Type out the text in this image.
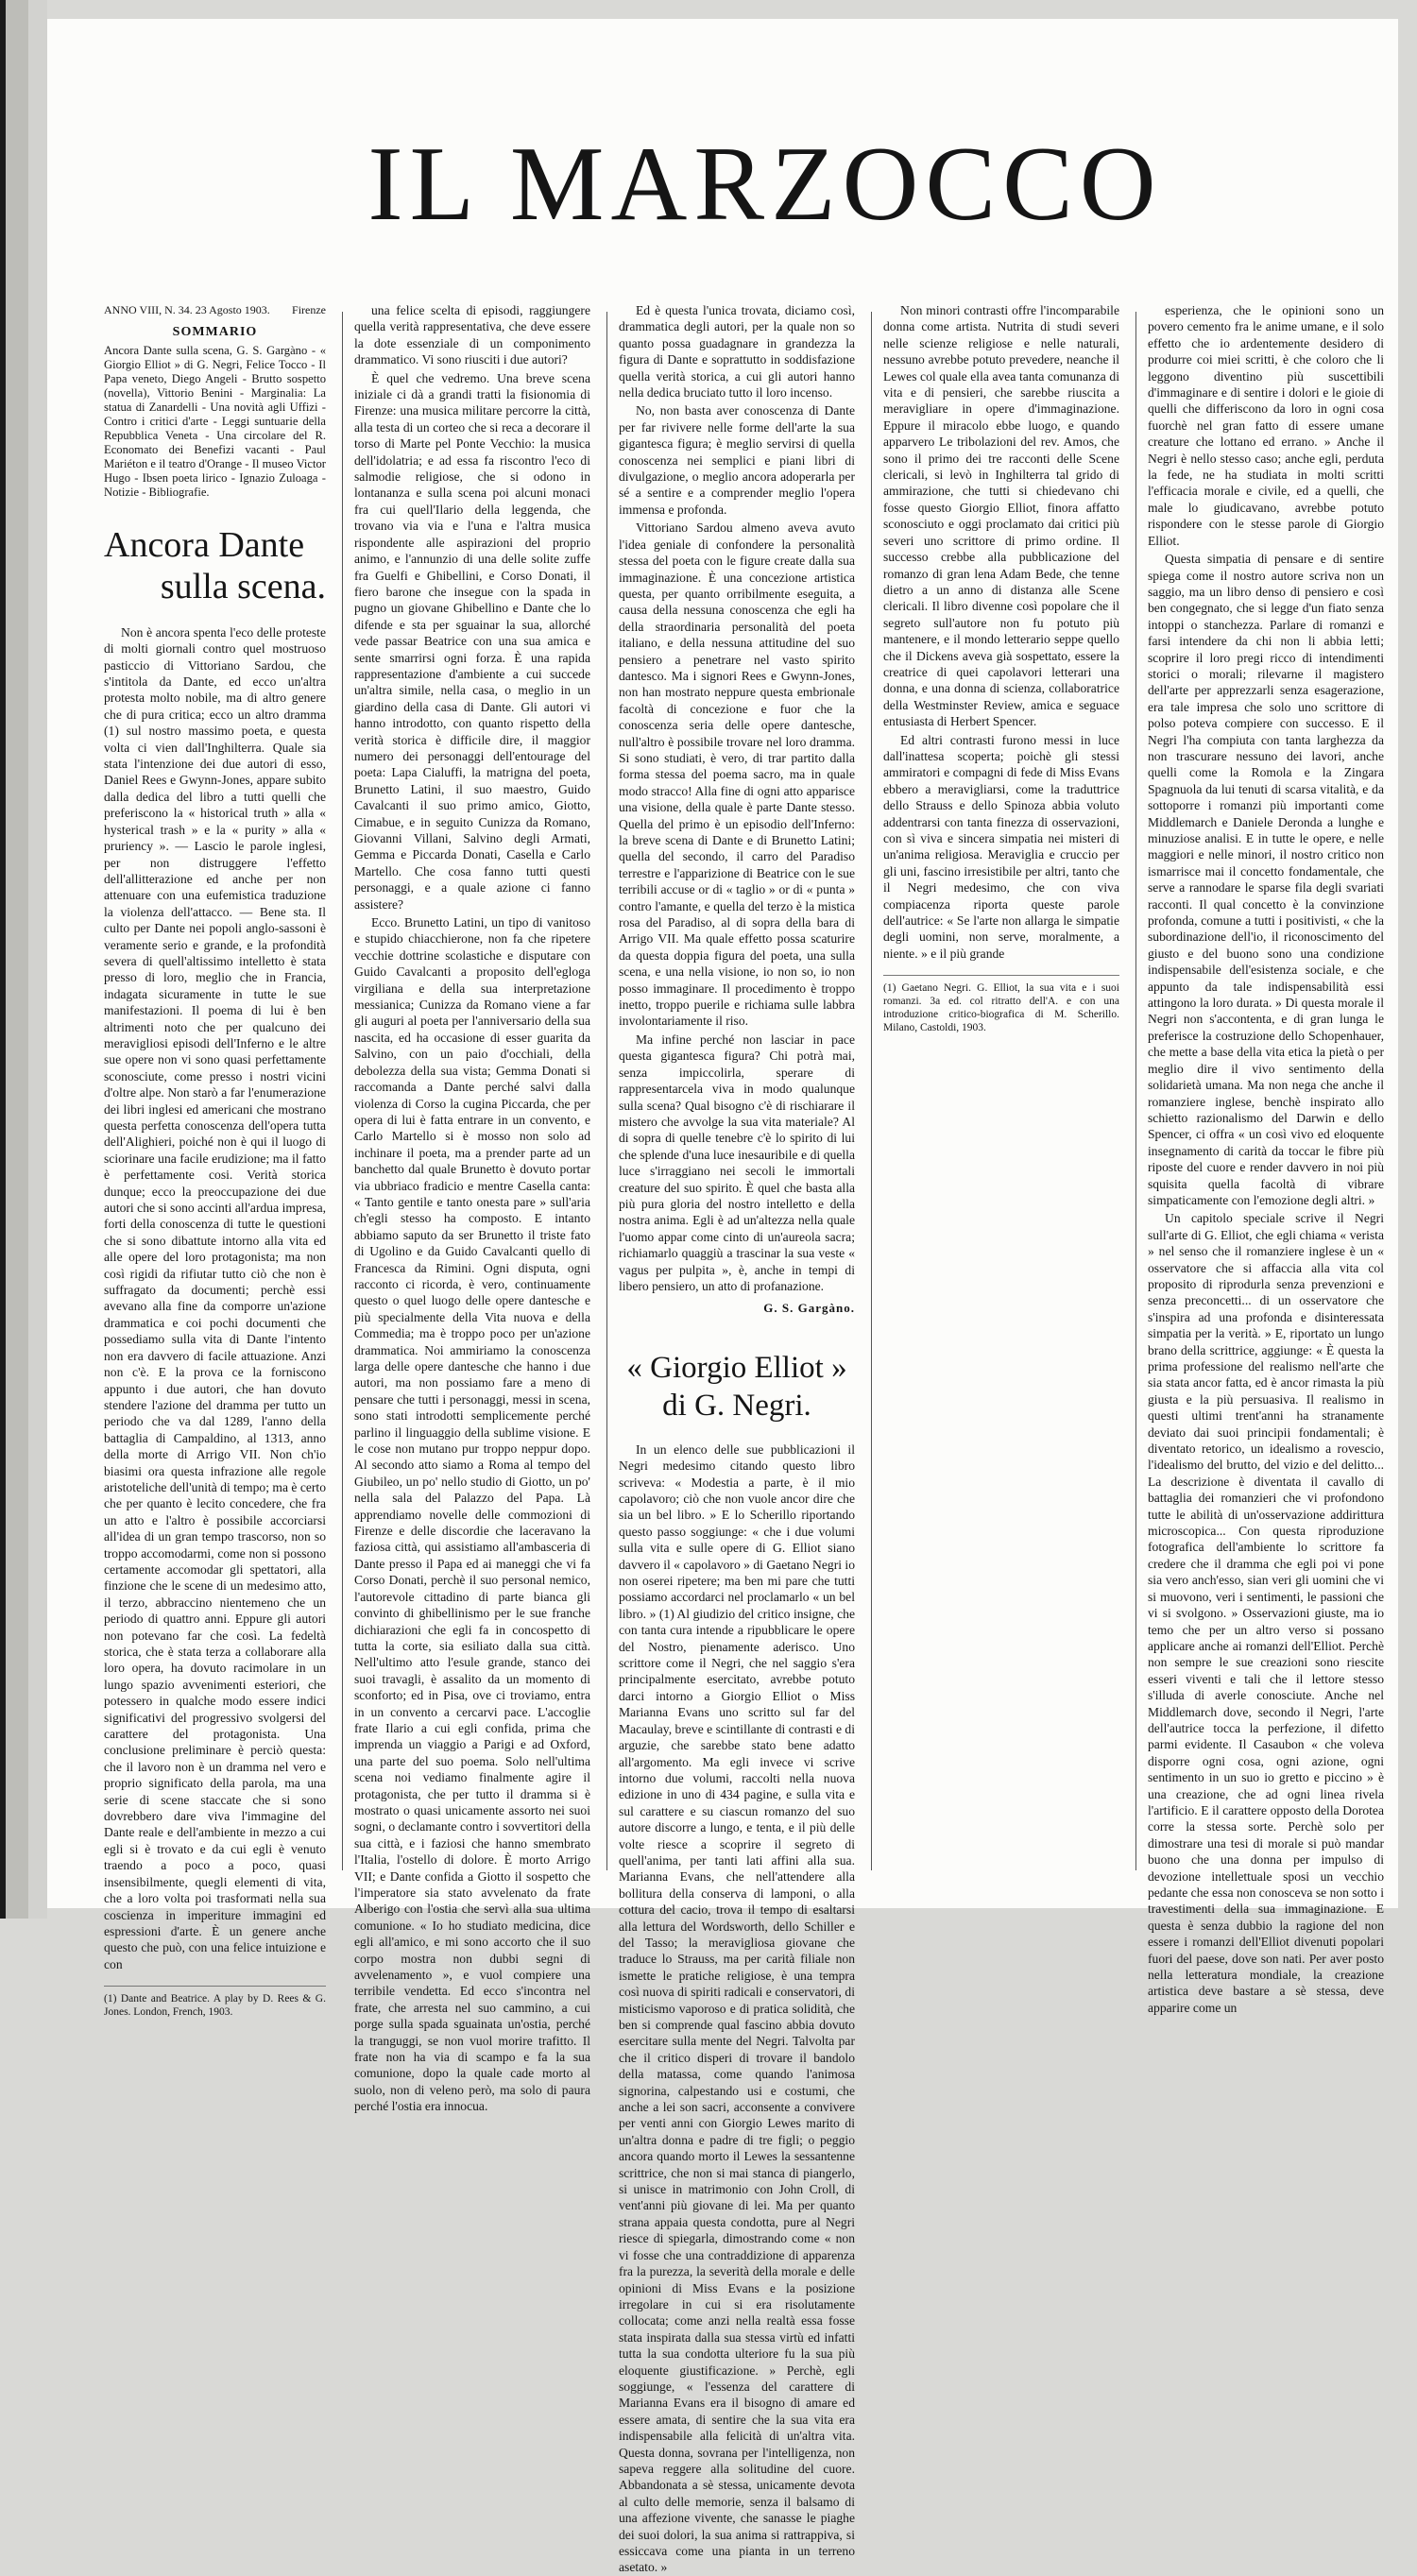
IL MARZOCCO
ANNO VIII, N. 34. 23 Agosto 1903. Firenze
SOMMARIO

Ancora Dante sulla scena, G. S. Gargàno - « Giorgio Elliot » di G. Negri, Felice Tocco - Il Papa veneto, Diego Angeli - Brutto sospetto (novella), Vittorio Benini - Marginalia: La statua di Zanardelli - Una novità agli Uffizi - Contro i critici d'arte - Leggi suntuarie della Repubblica Veneta - Una circolare del R. Economato dei Benefizi vacanti - Paul Mariéton e il teatro d'Orange - Il museo Victor Hugo - Ibsen poeta lirico - Ignazio Zuloaga - Notizie - Bibliografie.

Ancora Dante
sulla scena.

Non è ancora spenta l'eco delle proteste di molti giornali contro quel mostruoso pasticcio di Vittoriano Sardou, che s'intitola da Dante, ed ecco un'altra protesta molto nobile, ma di altro genere che di pura critica; ecco un altro dramma (1) sul nostro massimo poeta, e questa volta ci vien dall'Inghilterra. Quale sia stata l'intenzione dei due autori di esso, Daniel Rees e Gwynn-Jones, appare subito dalla dedica del libro a tutti quelli che preferiscono la « historical truth » alla « hysterical trash » e la « purity » alla « pruriency ». — Lascio le parole inglesi, per non distruggere l'effetto dell'allitterazione ed anche per non attenuare con una eufemistica traduzione la violenza dell'attacco. — Bene sta. Il culto per Dante nei popoli anglo-sassoni è veramente serio e grande, e la profondità severa di quell'altissimo intelletto è stata presso di loro, meglio che in Francia, indagata sicuramente in tutte le sue manifestazioni. Il poema di lui è ben altrimenti noto che per qualcuno dei meravigliosi episodi dell'Inferno e le altre sue opere non vi sono quasi perfettamente sconosciute, come presso i nostri vicini d'oltre alpe. Non starò a far l'enumerazione dei libri inglesi ed americani che mostrano questa perfetta conoscenza dell'opera tutta dell'Alighieri, poiché non è qui il luogo di sciorinare una facile erudizione; ma il fatto è perfettamente cosi. Verità storica dunque; ecco la preoccupazione dei due autori che si sono accinti all'ardua impresa, forti della conoscenza di tutte le questioni che si sono dibattute intorno alla vita ed alle opere del loro protagonista; ma non così rigidi da rifiutar tutto ciò che non è suffragato da documenti; perchè essi avevano alla fine da comporre un'azione drammatica e coi pochi documenti che possediamo sulla vita di Dante l'intento non era davvero di facile attuazione. Anzi non c'è. E la prova ce la forniscono appunto i due autori, che han dovuto stendere l'azione del dramma per tutto un periodo che va dal 1289, l'anno della battaglia di Campaldino, al 1313, anno della morte di Arrigo VII. Non ch'io biasimi ora questa infrazione alle regole aristoteliche dell'unità di tempo; ma è certo che per quanto è lecito concedere, che fra un atto e l'altro è possibile accorciarsi all'idea di un gran tempo trascorso, non so troppo accomodarmi, come non si possono certamente accomodar gli spettatori, alla finzione che le scene di un medesimo atto, il terzo, abbraccino nientemeno che un periodo di quattro anni. Eppure gli autori non potevano far che così. La fedeltà storica, che è stata terza a collaborare alla loro opera, ha dovuto racimolare in un lungo spazio avvenimenti esteriori, che potessero in qualche modo essere indici significativi del progressivo svolgersi del carattere del protagonista. Una conclusione preliminare è perciò questa: che il lavoro non è un dramma nel vero e proprio significato della parola, ma una serie di scene staccate che si sono dovrebbero dare viva l'immagine del Dante reale e dell'ambiente in mezzo a cui egli si è trovato e da cui egli è venuto traendo a poco a poco, quasi insensibilmente, quegli elementi di vita, che a loro volta poi trasformati nella sua coscienza in imperiture immagini ed espressioni d'arte. È un genere anche questo che può, con una felice intuizione e con

(1) Dante and Beatrice. A play by D. Rees & G. Jones. London, French, 1903.

una felice scelta di episodi, raggiungere quella verità rappresentativa, che deve essere la dote essenziale di un componimento drammatico. Vi sono riusciti i due autori?

È quel che vedremo. Una breve scena iniziale ci dà a grandi tratti la fisionomia di Firenze: una musica militare percorre la città, alla testa di un corteo che si reca a decorare il torso di Marte pel Ponte Vecchio: la musica dell'idolatria; e ad essa fa riscontro l'eco di salmodie religiose, che si odono in lontananza e sulla scena poi alcuni monaci fra cui quell'Ilario della leggenda, che trovano via via e l'una e l'altra musica rispondente alle aspirazioni del proprio animo, e l'annunzio di una delle solite zuffe fra Guelfi e Ghibellini, e Corso Donati, il fiero barone che insegue con la spada in pugno un giovane Ghibellino e Dante che lo difende e sta per sguainar la sua, allorché vede passar Beatrice con una sua amica e sente smarrirsi ogni forza. È una rapida rappresentazione d'ambiente a cui succede un'altra simile, nella casa, o meglio in un giardino della casa di Dante. Gli autori vi hanno introdotto, con quanto rispetto della verità storica è difficile dire, il maggior numero dei personaggi dell'entourage del poeta: Lapa Cialuffi, la matrigna del poeta, Brunetto Latini, il suo maestro, Guido Cavalcanti il suo primo amico, Giotto, Cimabue, e in seguito Cunizza da Romano, Giovanni Villani, Salvino degli Armati, Gemma e Piccarda Donati, Casella e Carlo Martello. Che cosa fanno tutti questi personaggi, e a quale azione ci fanno assistere?

Ecco. Brunetto Latini, un tipo di vanitoso e stupido chiacchierone, non fa che ripetere vecchie dottrine scolastiche e disputare con Guido Cavalcanti a proposito dell'egloga virgiliana e della sua interpretazione messianica; Cunizza da Romano viene a far gli auguri al poeta per l'anniversario della sua nascita, ed ha occasione di esser guarita da Salvino, con un paio d'occhiali, della debolezza della sua vista; Gemma Donati si raccomanda a Dante perché salvi dalla violenza di Corso la cugina Piccarda, che per opera di lui è fatta entrare in un convento, e Carlo Martello si è mosso non solo ad inchinare il poeta, ma a prender parte ad un banchetto dal quale Brunetto è dovuto portar via ubbriaco fradicio e mentre Casella canta: « Tanto gentile e tanto onesta pare » sull'aria ch'egli stesso ha composto. E intanto abbiamo saputo da ser Brunetto il triste fato di Ugolino e da Guido Cavalcanti quello di Francesca da Rimini. Ogni disputa, ogni racconto ci ricorda, è vero, continuamente questo o quel luogo delle opere dantesche e più specialmente della Vita nuova e della Commedia; ma è troppo poco per un'azione drammatica. Noi ammiriamo la conoscenza larga delle opere dantesche che hanno i due autori, ma non possiamo fare a meno di pensare che tutti i personaggi, messi in scena, sono stati introdotti semplicemente perché parlino il linguaggio della sublime visione. E le cose non mutano pur troppo neppur dopo. Al secondo atto siamo a Roma al tempo del Giubileo, un po' nello studio di Giotto, un po' nella sala del Palazzo del Papa. Là apprendiamo novelle delle commozioni di Firenze e delle discordie che laceravano la faziosa città, qui assistiamo all'ambasceria di Dante presso il Papa ed ai maneggi che vi fa Corso Donati, perchè il suo personal nemico, l'autorevole cittadino di parte bianca gli convinto di ghibellinismo per le sue franche dichiarazioni che egli fa in concospetto di tutta la corte, sia esiliato dalla sua città. Nell'ultimo atto l'esule grande, stanco dei suoi travagli, è assalito da un momento di sconforto; ed in Pisa, ove ci troviamo, entra in un convento a cercarvi pace. L'accoglie frate Ilario a cui egli confida, prima che imprenda un viaggio a Parigi e ad Oxford, una parte del suo poema. Solo nell'ultima scena noi vediamo finalmente agire il protagonista, che per tutto il dramma si è mostrato o quasi unicamente assorto nei suoi sogni, o declamante contro i sovvertitori della sua città, e i faziosi che hanno smembrato l'Italia, l'ostello di dolore. È morto Arrigo VII; e Dante confida a Giotto il sospetto che l'imperatore sia stato avvelenato da frate Alberigo con l'ostia che servì alla sua ultima comunione. « Io ho studiato medicina, dice egli all'amico, e mi sono accorto che il suo corpo mostra non dubbi segni di avvelenamento », e vuol compiere una terribile vendetta. Ed ecco s'incontra nel frate, che arresta nel suo cammino, a cui porge sulla spada sguainata un'ostia, perché la tranguggi, se non vuol morire trafitto. Il frate non ha via di scampo e fa la sua comunione, dopo la quale cade morto al suolo, non di veleno però, ma solo di paura perché l'ostia era innocua.

Ed è questa l'unica trovata, diciamo così, drammatica degli autori, per la quale non so quanto possa guadagnare in grandezza la figura di Dante e soprattutto in soddisfazione quella verità storica, a cui gli autori hanno nella dedica bruciato tutto il loro incenso.

No, non basta aver conoscenza di Dante per far rivivere nelle forme dell'arte la sua gigantesca figura; è meglio servirsi di quella conoscenza nei semplici e piani libri di divulgazione, o meglio ancora adoperarla per sé a sentire e a comprender meglio l'opera immensa e profonda.

Vittoriano Sardou almeno aveva avuto l'idea geniale di confondere la personalità stessa del poeta con le figure create dalla sua immaginazione. È una concezione artistica questa, per quanto orribilmente eseguita, a causa della nessuna conoscenza che egli ha della straordinaria personalità del poeta italiano, e della nessuna attitudine del suo pensiero a penetrare nel vasto spirito dantesco. Ma i signori Rees e Gwynn-Jones, non han mostrato neppure questa embrionale facoltà di concezione e fuor che la conoscenza seria delle opere dantesche, null'altro è possibile trovare nel loro dramma. Si sono studiati, è vero, di trar partito dalla forma stessa del poema sacro, ma in quale modo stracco! Alla fine di ogni atto apparisce una visione, della quale è parte Dante stesso. Quella del primo è un episodio dell'Inferno: la breve scena di Dante e di Brunetto Latini; quella del secondo, il carro del Paradiso terrestre e l'apparizione di Beatrice con le sue terribili accuse or di « taglio » or di « punta » contro l'amante, e quella del terzo è la mistica rosa del Paradiso, al di sopra della bara di Arrigo VII. Ma quale effetto possa scaturire da questa doppia figura del poeta, una sulla scena, e una nella visione, io non so, io non posso immaginare. Il procedimento è troppo inetto, troppo puerile e richiama sulle labbra involontariamente il riso.

Ma infine perché non lasciar in pace questa gigantesca figura? Chi potrà mai, senza impiccolirla, sperare di rappresentarcela viva in modo qualunque sulla scena? Qual bisogno c'è di rischiarare il mistero che avvolge la sua vita materiale? Al di sopra di quelle tenebre c'è lo spirito di lui che splende d'una luce inesauribile e di quella luce s'irraggiano nei secoli le immortali creature del suo spirito. È quel che basta alla più pura gloria del nostro intelletto e della nostra anima. Egli è ad un'altezza nella quale l'uomo appar come cinto di un'aureola sacra; richiamarlo quaggiù a trascinar la sua veste « vagus per pulpita », è, anche in tempi di libero pensiero, un atto di profanazione.

G. S. Gargàno.
« Giorgio Elliot »
di G. Negri.

In un elenco delle sue pubblicazioni il Negri medesimo citando questo libro scriveva: « Modestia a parte, è il mio capolavoro; ciò che non vuole ancor dire che sia un bel libro. » E lo Scherillo riportando questo passo soggiunge: « che i due volumi sulla vita e sulle opere di G. Elliot siano davvero il « capolavoro » di Gaetano Negri io non oserei ripetere; ma ben mi pare che tutti possiamo accordarci nel proclamarlo « un bel libro. » (1) Al giudizio del critico insigne, che con tanta cura intende a ripubblicare le opere del Nostro, pienamente aderisco. Uno scrittore come il Negri, che nel saggio s'era principalmente esercitato, avrebbe potuto darci intorno a Giorgio Elliot o Miss Marianna Evans uno scritto sul far del Macaulay, breve e scintillante di contrasti e di arguzie, che sarebbe stato bene adatto all'argomento. Ma egli invece vi scrive intorno due volumi, raccolti nella nuova edizione in uno di 434 pagine, e sulla vita e sul carattere e su ciascun romanzo del suo autore discorre a lungo, e tenta, e il più delle volte riesce a scoprire il segreto di quell'anima, per tanti lati affini alla sua. Marianna Evans, che nell'attendere alla bollitura della conserva di lamponi, o alla cottura del cacio, trova il tempo di esaltarsi alla lettura del Wordsworth, dello Schiller e del Tasso; la meravigliosa giovane che traduce lo Strauss, ma per carità filiale non ismette le pratiche religiose, è una tempra così nuova di spiriti radicali e conservatori, di misticismo vaporoso e di pratica solidità, che ben si comprende qual fascino abbia dovuto esercitare sulla mente del Negri. Talvolta par che il critico disperi di trovare il bandolo della matassa, come quando l'animosa signorina, calpestando usi e costumi, che anche a lei son sacri, acconsente a convivere per venti anni con Giorgio Lewes marito di un'altra donna e padre di tre figli; o peggio ancora quando morto il Lewes la sessantenne scrittrice, che non si mai stanca di piangerlo, si unisce in matrimonio con John Croll, di vent'anni più giovane di lei. Ma per quanto strana appaia questa condotta, pure al Negri riesce di spiegarla, dimostrando come « non vi fosse che una contraddizione di apparenza fra la purezza, la severità della morale e delle opinioni di Miss Evans e la posizione irregolare in cui si era risolutamente collocata; come anzi nella realtà essa fosse stata inspirata dalla sua stessa virtù ed infatti tutta la sua condotta ulteriore fu la sua più eloquente giustificazione. » Perchè, egli soggiunge, « l'essenza del carattere di Marianna Evans era il bisogno di amare ed essere amata, di sentire che la sua vita era indispensabile alla felicità di un'altra vita. Questa donna, sovrana per l'intelligenza, non sapeva reggere alla solitudine del cuore. Abbandonata a sè stessa, unicamente devota al culto delle memorie, senza il balsamo di una affezione vivente, che sanasse le piaghe dei suoi dolori, la sua anima si rattrappiva, si essiccava come una pianta in un terreno asetato. »

Non minori contrasti offre l'incomparabile donna come artista. Nutrita di studi severi nelle scienze religiose e nelle naturali, nessuno avrebbe potuto prevedere, neanche il Lewes col quale ella avea tanta comunanza di vita e di pensieri, che sarebbe riuscita a meravigliare in opere d'immaginazione. Eppure il miracolo ebbe luogo, e quando apparvero Le tribolazioni del rev. Amos, che sono il primo dei tre racconti delle Scene clericali, si levò in Inghilterra tal grido di ammirazione, che tutti si chiedevano chi fosse questo Giorgio Elliot, finora affatto sconosciuto e oggi proclamato dai critici più severi uno scrittore di primo ordine. Il successo crebbe alla pubblicazione del romanzo di gran lena Adam Bede, che tenne dietro a un anno di distanza alle Scene clericali. Il libro divenne così popolare che il segreto sull'autore non fu potuto più mantenere, e il mondo letterario seppe quello che il Dickens aveva già sospettato, essere la creatrice di quei capolavori letterari una donna, e una donna di scienza, collaboratrice della Westminster Review, amica e seguace entusiasta di Herbert Spencer.

Ed altri contrasti furono messi in luce dall'inattesa scoperta; poichè gli stessi ammiratori e compagni di fede di Miss Evans ebbero a meravigliarsi, come la traduttrice dello Strauss e dello Spinoza abbia voluto addentrarsi con tanta finezza di osservazioni, con sì viva e sincera simpatia nei misteri di un'anima religiosa. Meraviglia e cruccio per gli uni, fascino irresistibile per altri, tanto che il Negri medesimo, che con viva compiacenza riporta queste parole dell'autrice: « Se l'arte non allarga le simpatie degli uomini, non serve, moralmente, a niente. » e il più grande

(1) Gaetano Negri. G. Elliot, la sua vita e i suoi romanzi. 3a ed. col ritratto dell'A. e con una introduzione critico-biografica di M. Scherillo. Milano, Castoldi, 1903.

esperienza, che le opinioni sono un povero cemento fra le anime umane, e il solo effetto che io ardentemente desidero di produrre coi miei scritti, è che coloro che li leggono diventino più suscettibili d'immaginare e di sentire i dolori e le gioie di quelli che differiscono da loro in ogni cosa fuorchè nel gran fatto di essere umane creature che lottano ed errano. » Anche il Negri è nello stesso caso; anche egli, perduta la fede, ne ha studiata in molti scritti l'efficacia morale e civile, ed a quelli, che male lo giudicavano, avrebbe potuto rispondere con le stesse parole di Giorgio Elliot.

Questa simpatia di pensare e di sentire spiega come il nostro autore scriva non un saggio, ma un libro denso di pensiero e così ben congegnato, che si legge d'un fiato senza intoppi o stanchezza. Parlare di romanzi e farsi intendere da chi non li abbia letti; scoprire il loro pregi ricco di intendimenti storici o morali; rilevarne il magistero dell'arte per apprezzarli senza esagerazione, era tale impresa che solo uno scrittore di polso poteva compiere con successo. E il Negri l'ha compiuta con tanta larghezza da non trascurare nessuno dei lavori, anche quelli come la Romola e la Zingara Spagnuola da lui tenuti di scarsa vitalità, e da sottoporre i romanzi più importanti come Middlemarch e Daniele Deronda a lunghe e minuziose analisi. E in tutte le opere, e nelle maggiori e nelle minori, il nostro critico non ismarrisce mai il concetto fondamentale, che serve a rannodare le sparse fila degli svariati racconti. Il qual concetto è la convinzione profonda, comune a tutti i positivisti, « che la subordinazione dell'io, il riconoscimento del giusto e del buono sono una condizione indispensabile dell'esistenza sociale, e che appunto da tale indispensabilità essi attingono la loro durata. » Di questa morale il Negri non s'accontenta, e di gran lunga le preferisce la costruzione dello Schopenhauer, che mette a base della vita etica la pietà o per meglio dire il vivo sentimento della solidarietà umana. Ma non nega che anche il romanziere inglese, benchè inspirato allo schietto razionalismo del Darwin e dello Spencer, ci offra « un così vivo ed eloquente insegnamento di carità da toccar le fibre più riposte del cuore e render davvero in noi più squisita quella facoltà di vibrare simpaticamente con l'emozione degli altri. »

Un capitolo speciale scrive il Negri sull'arte di G. Elliot, che egli chiama « verista » nel senso che il romanziere inglese è un « osservatore che si affaccia alla vita col proposito di riprodurla senza prevenzioni e senza preconcetti... di un osservatore che s'inspira ad una profonda e disinteressata simpatia per la verità. » E, riportato un lungo brano della scrittrice, aggiunge: « È questa la prima professione del realismo nell'arte che sia stata ancor fatta, ed è ancor rimasta la più giusta e la più persuasiva. Il realismo in questi ultimi trent'anni ha stranamente deviato dai suoi principii fondamentali; è diventato retorico, un idealismo a rovescio, l'idealismo del brutto, del vizio e del delitto... La descrizione è diventata il cavallo di battaglia dei romanzieri che vi profondono tutte le abilità di un'osservazione addirittura microscopica... Con questa riproduzione fotografica dell'ambiente lo scrittore fa credere che il dramma che egli poi vi pone sia vero anch'esso, sian veri gli uomini che vi si muovono, veri i sentimenti, le passioni che vi si svolgono. » Osservazioni giuste, ma io temo che per un altro verso si possano applicare anche ai romanzi dell'Elliot. Perchè non sempre le sue creazioni sono riescite esseri viventi e tali che il lettore stesso s'illuda di averle conosciute. Anche nel Middlemarch dove, secondo il Negri, l'arte dell'autrice tocca la perfezione, il difetto parmi evidente. Il Casaubon « che voleva disporre ogni cosa, ogni azione, ogni sentimento in un suo io gretto e piccino » è una creazione, che ad ogni linea rivela l'artificio. E il carattere opposto della Dorotea corre la stessa sorte. Perchè solo per dimostrare una tesi di morale si può mandar buono che una donna per impulso di devozione intellettuale sposi un vecchio pedante che essa non conosceva se non sotto i travestimenti della sua immaginazione. E questa è senza dubbio la ragione del non essere i romanzi dell'Elliot divenuti popolari fuori del paese, dove son nati. Per aver posto nella letteratura mondiale, la creazione artistica deve bastare a sè stessa, deve apparire come un
